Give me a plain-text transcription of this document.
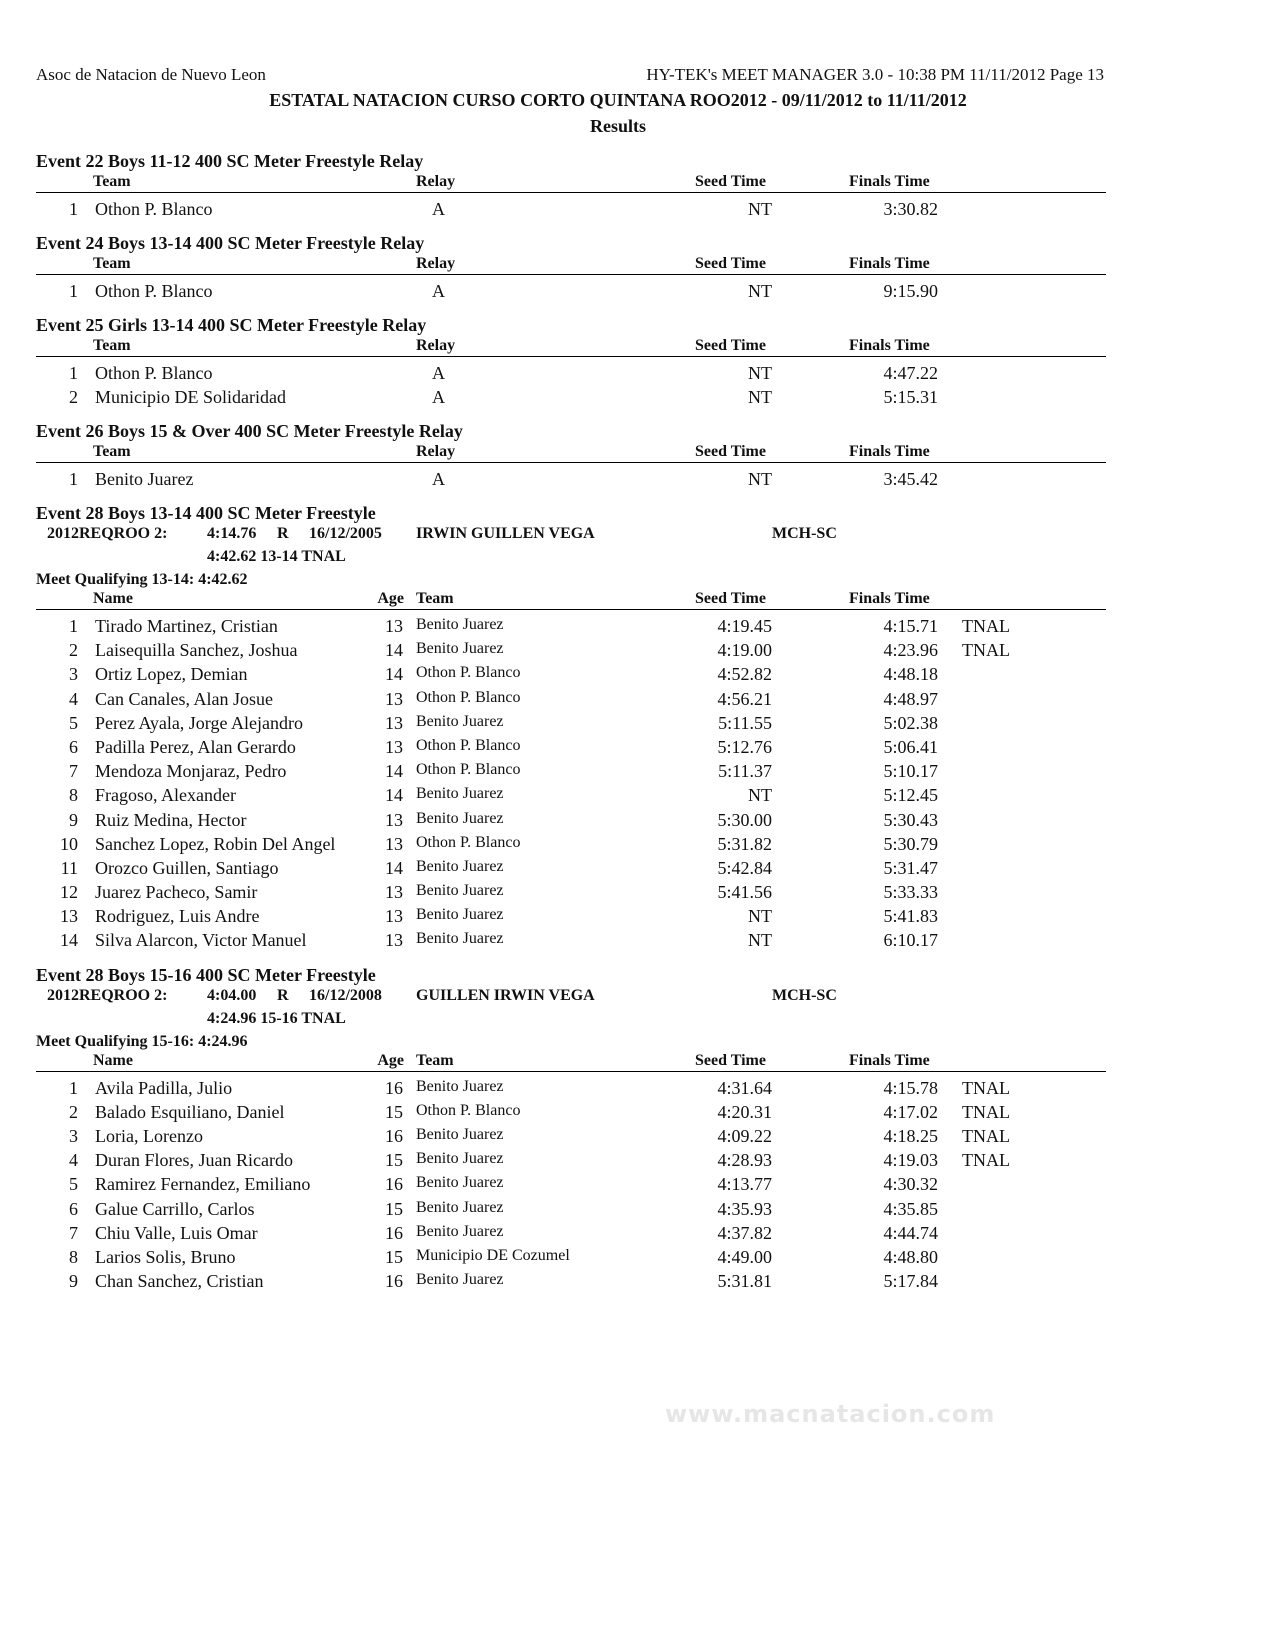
Asoc de Natacion de Nuevo Leon	HY-TEK's MEET MANAGER 3.0 - 10:38 PM 11/11/2012 Page 13
ESTATAL NATACION CURSO CORTO QUINTANA ROO2012 - 09/11/2012 to 11/11/2012
Results
Event 22 Boys 11-12 400 SC Meter Freestyle Relay
Team	Relay	Seed Time	Finals Time
1 Othon P. Blanco	A	NT	3:30.82
Event 24 Boys 13-14 400 SC Meter Freestyle Relay
Team	Relay	Seed Time	Finals Time
1 Othon P. Blanco	A	NT	9:15.90
Event 25 Girls 13-14 400 SC Meter Freestyle Relay
Team	Relay	Seed Time	Finals Time
1 Othon P. Blanco	A	NT	4:47.22
2 Municipio DE Solidaridad	A	NT	5:15.31
Event 26 Boys 15 & Over 400 SC Meter Freestyle Relay
Team	Relay	Seed Time	Finals Time
1 Benito Juarez	A	NT	3:45.42
Event 28 Boys 13-14 400 SC Meter Freestyle
2012REQROO 2: 4:14.76 R 16/12/2005 IRWIN GUILLEN VEGA	MCH-SC
4:42.62 13-14 TNAL
Meet Qualifying 13-14: 4:42.62
Name	Age Team	Seed Time	Finals Time
1 Tirado Martinez, Cristian	13 Benito Juarez	4:19.45	4:15.71 TNAL
2 Laisequilla Sanchez, Joshua	14 Benito Juarez	4:19.00	4:23.96 TNAL
3 Ortiz Lopez, Demian	14 Othon P. Blanco	4:52.82	4:48.18
4 Can Canales, Alan Josue	13 Othon P. Blanco	4:56.21	4:48.97
5 Perez Ayala, Jorge Alejandro	13 Benito Juarez	5:11.55	5:02.38
6 Padilla Perez, Alan Gerardo	13 Othon P. Blanco	5:12.76	5:06.41
7 Mendoza Monjaraz, Pedro	14 Othon P. Blanco	5:11.37	5:10.17
8 Fragoso, Alexander	14 Benito Juarez	NT	5:12.45
9 Ruiz Medina, Hector	13 Benito Juarez	5:30.00	5:30.43
10 Sanchez Lopez, Robin Del Angel	13 Othon P. Blanco	5:31.82	5:30.79
11 Orozco Guillen, Santiago	14 Benito Juarez	5:42.84	5:31.47
12 Juarez Pacheco, Samir	13 Benito Juarez	5:41.56	5:33.33
13 Rodriguez, Luis Andre	13 Benito Juarez	NT	5:41.83
14 Silva Alarcon, Victor Manuel	13 Benito Juarez	NT	6:10.17
Event 28 Boys 15-16 400 SC Meter Freestyle
2012REQROO 2: 4:04.00 R 16/12/2008 GUILLEN IRWIN VEGA	MCH-SC
4:24.96 15-16 TNAL
Meet Qualifying 15-16: 4:24.96
Name	Age Team	Seed Time	Finals Time
1 Avila Padilla, Julio	16 Benito Juarez	4:31.64	4:15.78 TNAL
2 Balado Esquiliano, Daniel	15 Othon P. Blanco	4:20.31	4:17.02 TNAL
3 Loria, Lorenzo	16 Benito Juarez	4:09.22	4:18.25 TNAL
4 Duran Flores, Juan Ricardo	15 Benito Juarez	4:28.93	4:19.03 TNAL
5 Ramirez Fernandez, Emiliano	16 Benito Juarez	4:13.77	4:30.32
6 Galue Carrillo, Carlos	15 Benito Juarez	4:35.93	4:35.85
7 Chiu Valle, Luis Omar	16 Benito Juarez	4:37.82	4:44.74
8 Larios Solis, Bruno	15 Municipio DE Cozumel	4:49.00	4:48.80
9 Chan Sanchez, Cristian	16 Benito Juarez	5:31.81	5:17.84
www.macnatacion.com
